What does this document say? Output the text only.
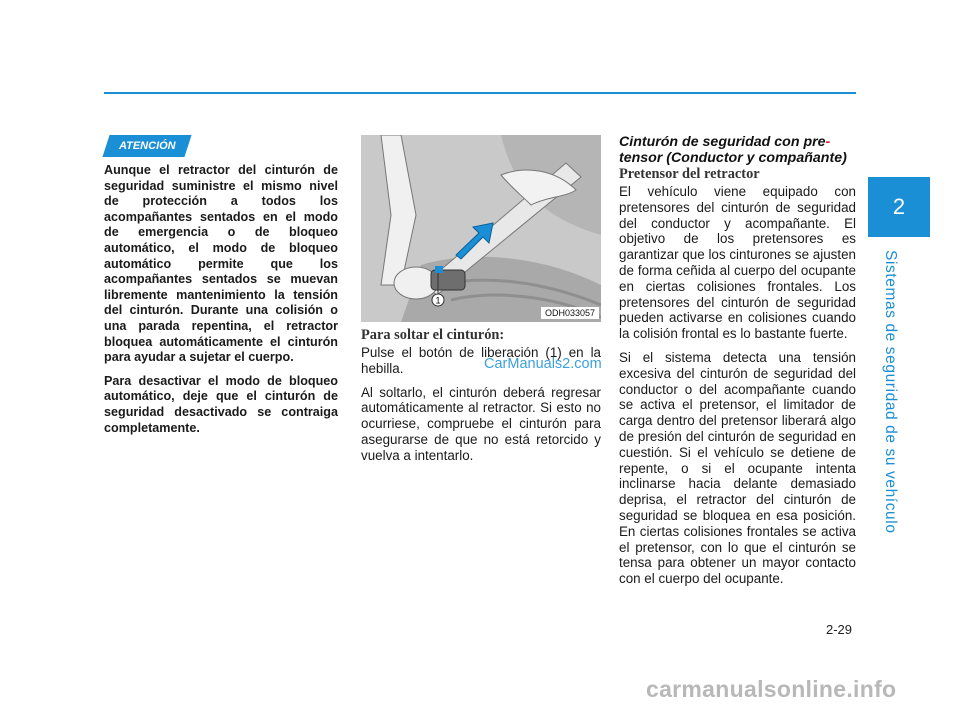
2
Sistemas de seguridad de su vehículo
ATENCIÓN

Aunque el retractor del cinturón de seguridad suministre el mismo nivel de protección a todos los acompañantes sentados en el modo de emergencia o de bloqueo automático, el modo de bloqueo automático permite que los acompañantes sentados se muevan libremente mantenimiento la tensión del cinturón. Durante una colisión o una parada repentina, el retractor bloquea automáticamente el cinturón para ayudar a sujetar el cuerpo.

Para desactivar el modo de bloqueo automático, deje que el cinturón de seguridad desactivado se contraiga completamente.

1
ODH033057
Para soltar el cinturón:

Pulse el botón de liberación (1) en la hebilla.

Al soltarlo, el cinturón deberá regresar automáticamente al retractor. Si esto no ocurriese, compruebe el cinturón para asegurarse de que no está retorcido y vuelva a intentarlo.

Cinturón de seguridad con pre-
tensor (Conductor y compañante)
Pretensor del retractor

El vehículo viene equipado con pretensores del cinturón de seguridad del conductor y acompañante. El objetivo de los pretensores es garantizar que los cinturones se ajusten de forma ceñida al cuerpo del ocupante en ciertas colisiones frontales. Los pretensores del cinturón de seguridad pueden activarse en colisiones cuando la colisión frontal es lo bastante fuerte.

Si el sistema detecta una tensión excesiva del cinturón de seguridad del conductor o del acompañante cuando se activa el pretensor, el limitador de carga dentro del pretensor liberará algo de presión del cinturón de seguridad en cuestión. Si el vehículo se detiene de repente, o si el ocupante intenta inclinarse hacia delante demasiado deprisa, el retractor del cinturón de seguridad se bloquea en esa posición. En ciertas colisiones frontales se activa el pretensor, con lo que el cinturón se tensa para obtener un mayor contacto con el cuerpo del ocupante.

CarManuals2.com
2-29
carmanualsonline.info
